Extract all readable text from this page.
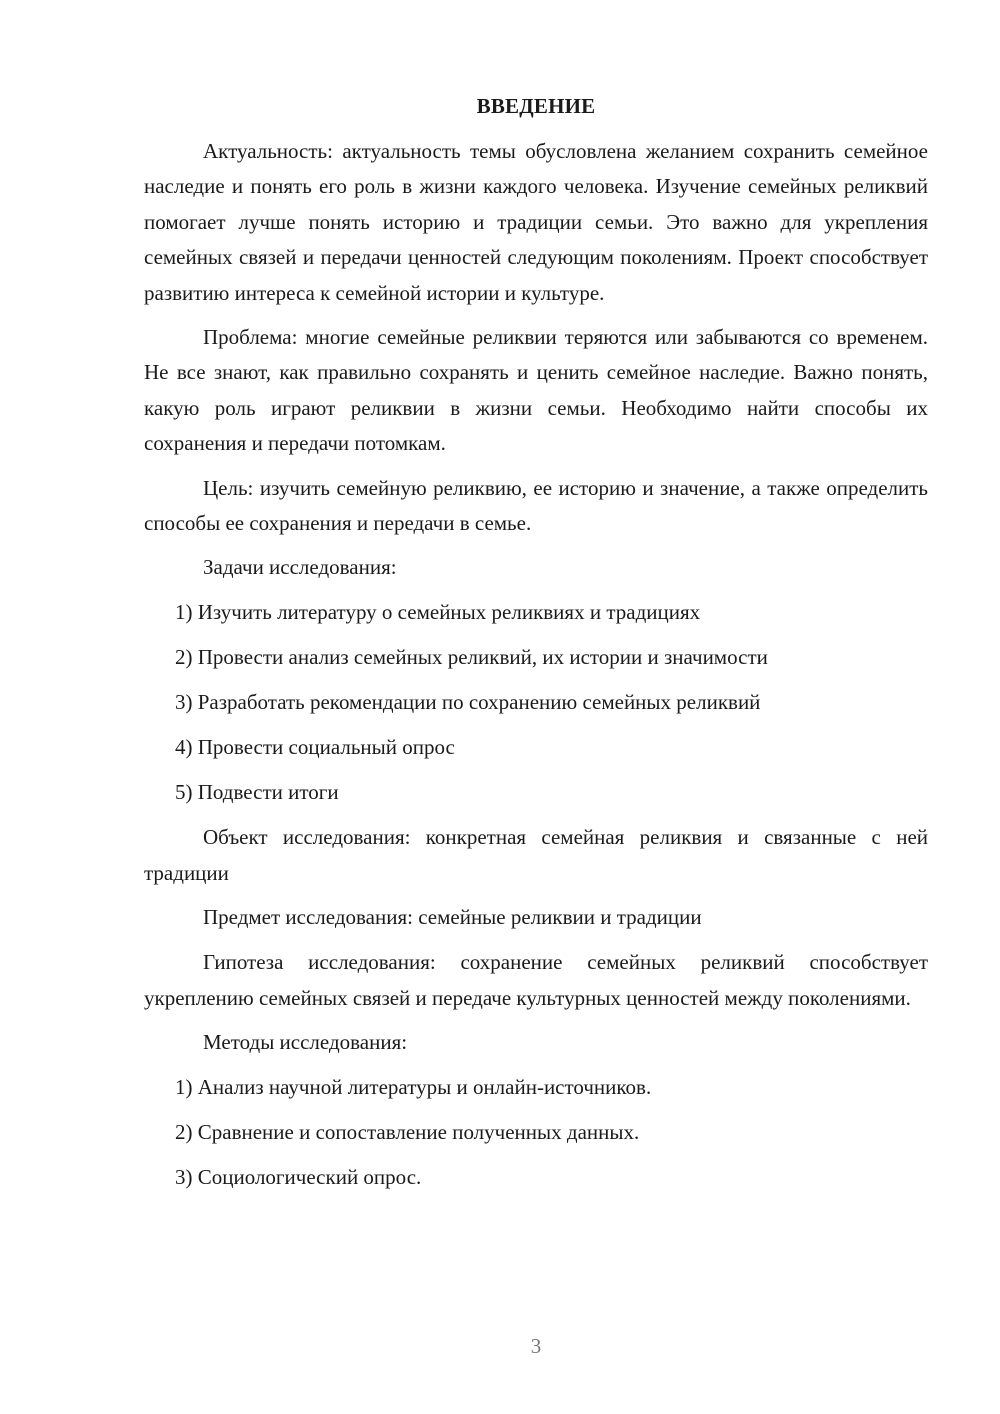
ВВЕДЕНИЕ

Актуальность: актуальность темы обусловлена желанием сохранить семейное наследие и понять его роль в жизни каждого человека. Изучение семейных реликвий помогает лучше понять историю и традиции семьи. Это важно для укрепления семейных связей и передачи ценностей следующим поколениям. Проект способствует развитию интереса к семейной истории и культуре.

Проблема: многие семейные реликвии теряются или забываются со временем. Не все знают, как правильно сохранять и ценить семейное наследие. Важно понять, какую роль играют реликвии в жизни семьи. Необходимо найти способы их сохранения и передачи потомкам.

Цель: изучить семейную реликвию, ее историю и значение, а также определить способы ее сохранения и передачи в семье.

Задачи исследования:
1) Изучить литературу о семейных реликвиях и традициях
2) Провести анализ семейных реликвий, их истории и значимости
3) Разработать рекомендации по сохранению семейных реликвий
4) Провести социальный опрос
5) Подвести итоги

Объект исследования: конкретная семейная реликвия и связанные с ней традиции

Предмет исследования: семейные реликвии и традиции

Гипотеза исследования: сохранение семейных реликвий способствует укреплению семейных связей и передаче культурных ценностей между поколениями.

Методы исследования:
1) Анализ научной литературы и онлайн-источников.
2) Сравнение и сопоставление полученных данных.
3) Социологический опрос.
3
